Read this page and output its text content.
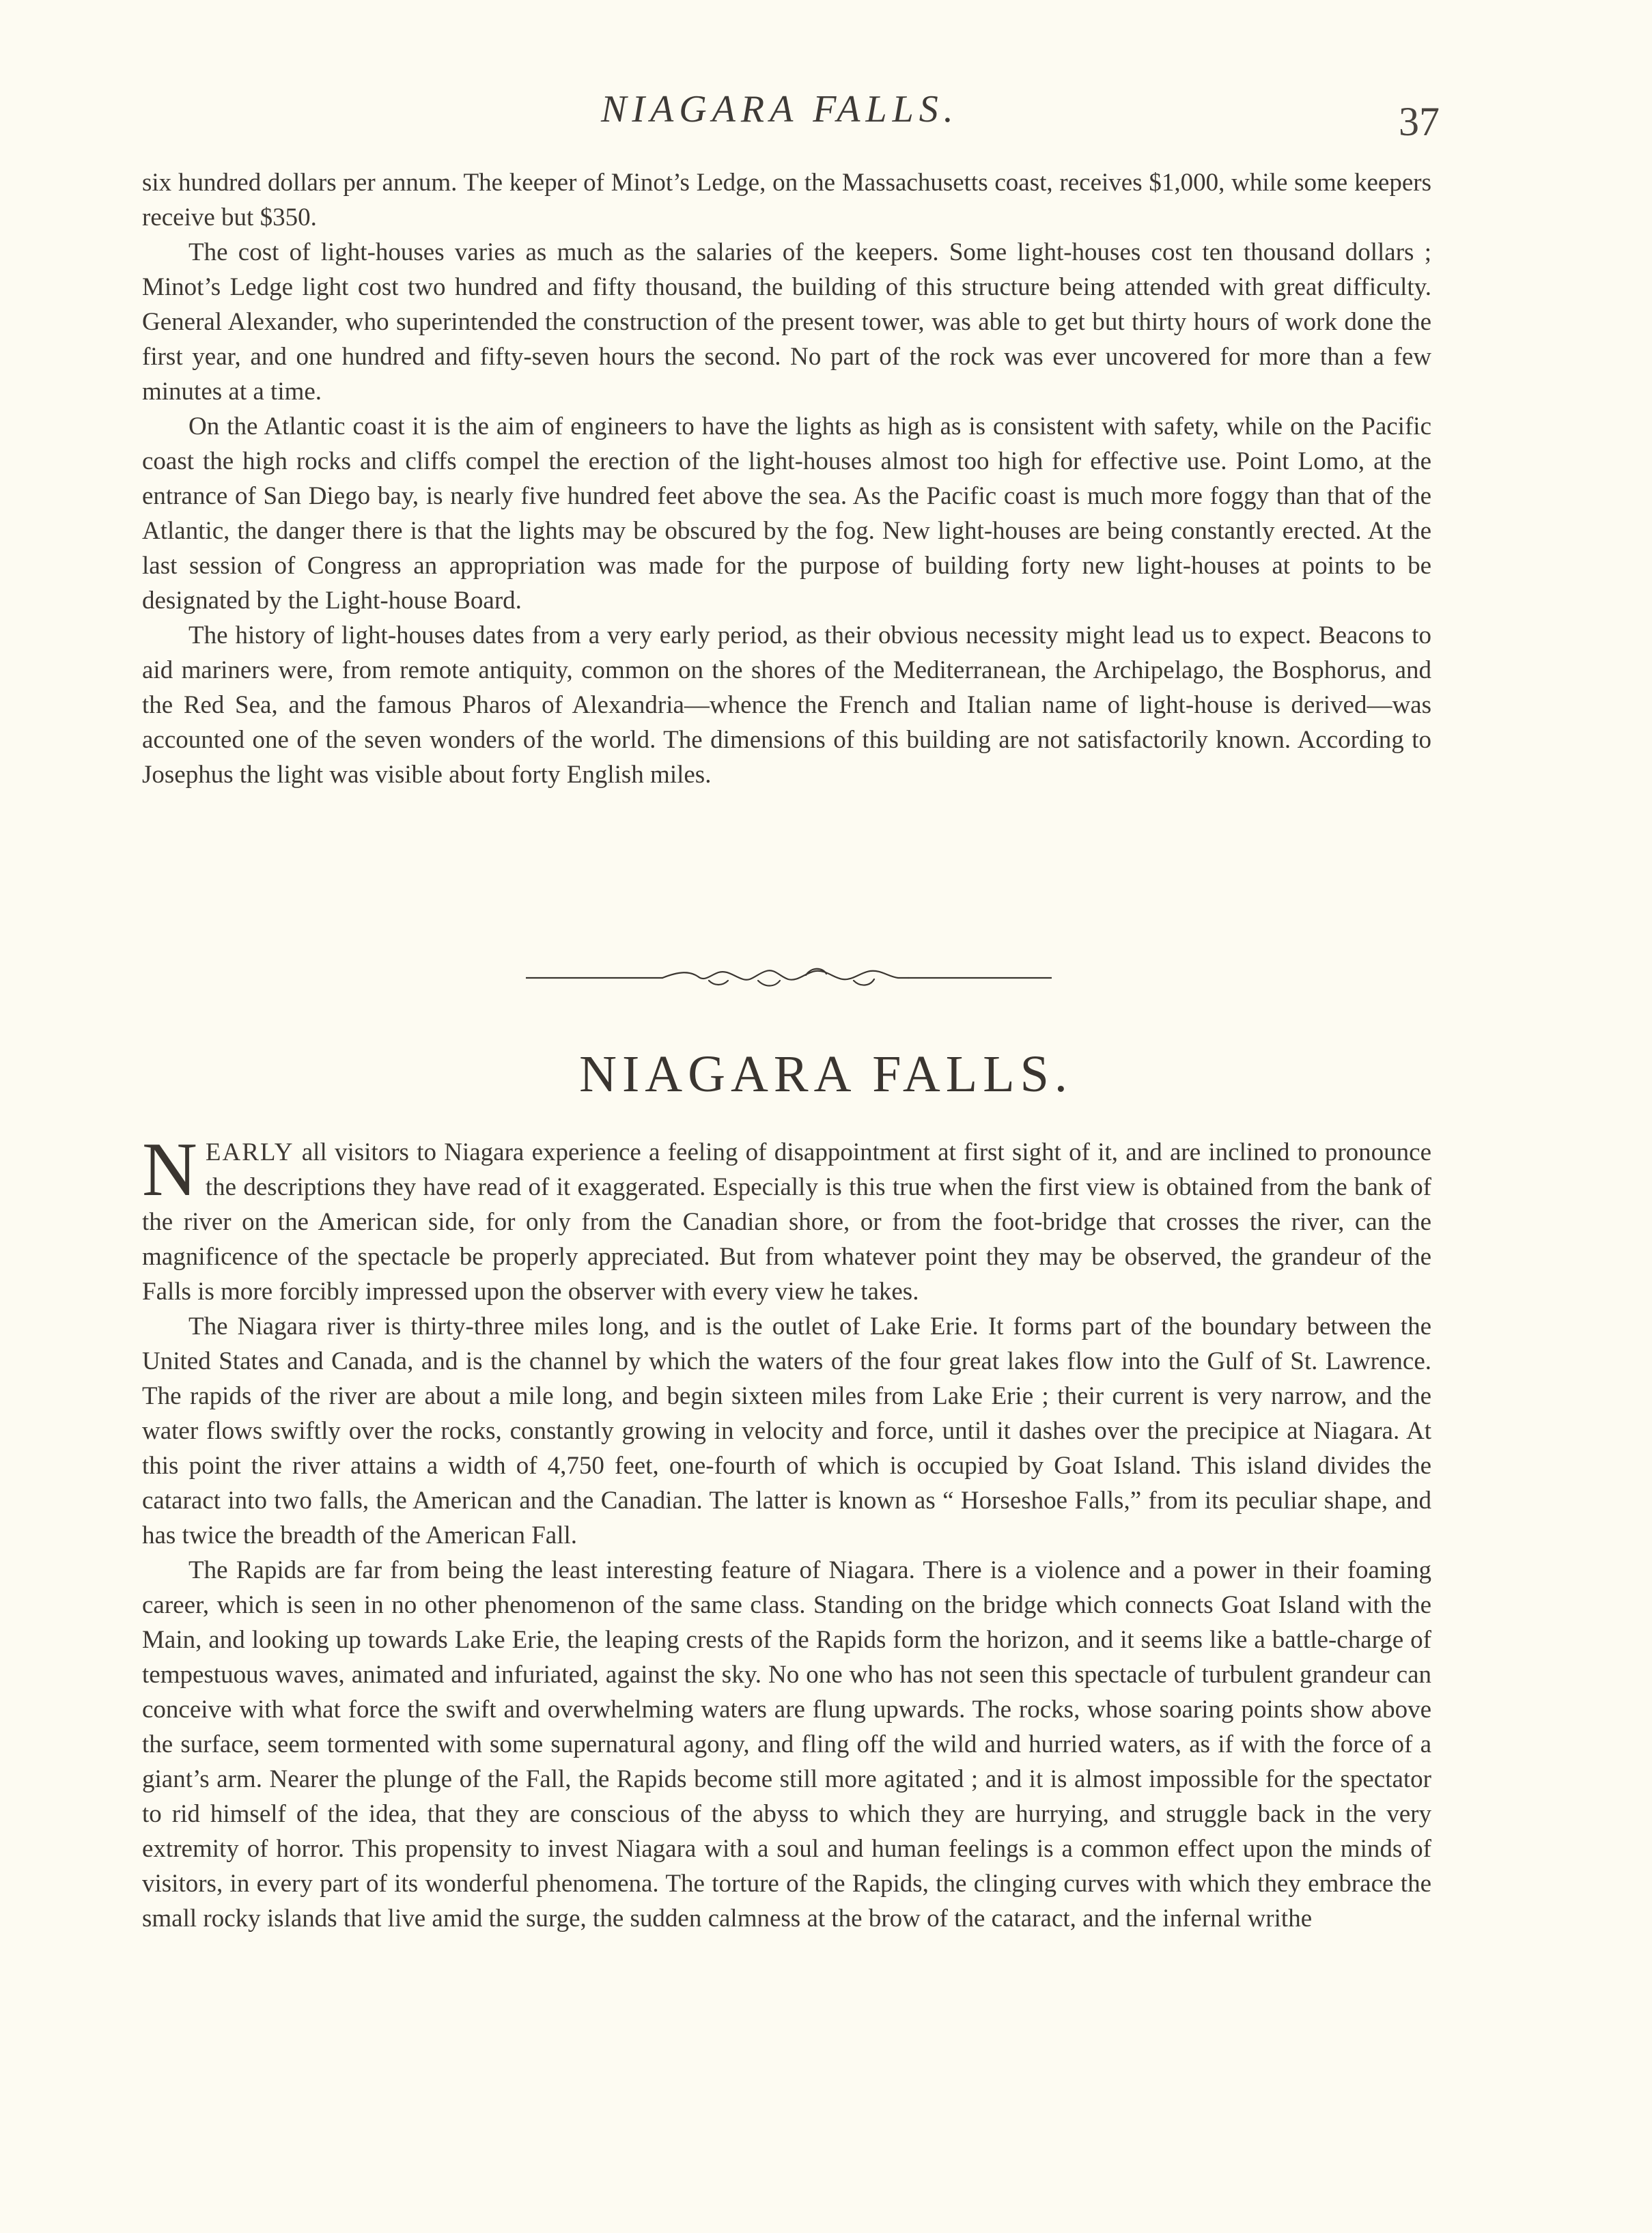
NIAGARA FALLS.	37

six hundred dollars per annum. The keeper of Minot’s Ledge, on the Massachusetts coast, receives $1,000, while some keepers receive but $350.

The cost of light-houses varies as much as the salaries of the keepers. Some light-houses cost ten thousand dollars ; Minot’s Ledge light cost two hundred and fifty thousand, the building of this structure being attended with great difficulty. General Alexander, who superintended the construction of the present tower, was able to get but thirty hours of work done the first year, and one hundred and fifty-seven hours the second. No part of the rock was ever uncovered for more than a few minutes at a time.

On the Atlantic coast it is the aim of engineers to have the lights as high as is consistent with safety, while on the Pacific coast the high rocks and cliffs compel the erection of the light-houses almost too high for effective use. Point Lomo, at the entrance of San Diego bay, is nearly five hundred feet above the sea. As the Pacific coast is much more foggy than that of the Atlantic, the danger there is that the lights may be obscured by the fog. New light-houses are being constantly erected. At the last session of Congress an appropriation was made for the purpose of building forty new light-houses at points to be designated by the Light-house Board.

The history of light-houses dates from a very early period, as their obvious necessity might lead us to expect. Beacons to aid mariners were, from remote antiquity, common on the shores of the Mediterranean, the Archipelago, the Bosphorus, and the Red Sea, and the famous Pharos of Alexandria—whence the French and Italian name of light-house is derived—was accounted one of the seven wonders of the world. The dimensions of this building are not satisfactorily known. According to Josephus the light was visible about forty English miles.

NIAGARA FALLS.

NEARLY all visitors to Niagara experience a feeling of disappointment at first sight of it, and are inclined to pronounce the descriptions they have read of it exaggerated. Especially is this true when the first view is obtained from the bank of the river on the American side, for only from the Canadian shore, or from the foot-bridge that crosses the river, can the magnificence of the spectacle be properly appreciated. But from whatever point they may be observed, the grandeur of the Falls is more forcibly impressed upon the observer with every view he takes.

The Niagara river is thirty-three miles long, and is the outlet of Lake Erie. It forms part of the boundary between the United States and Canada, and is the channel by which the waters of the four great lakes flow into the Gulf of St. Lawrence. The rapids of the river are about a mile long, and begin sixteen miles from Lake Erie ; their current is very narrow, and the water flows swiftly over the rocks, constantly growing in velocity and force, until it dashes over the precipice at Niagara. At this point the river attains a width of 4,750 feet, one-fourth of which is occupied by Goat Island. This island divides the cataract into two falls, the American and the Canadian. The latter is known as “ Horseshoe Falls,” from its peculiar shape, and has twice the breadth of the American Fall.

The Rapids are far from being the least interesting feature of Niagara. There is a violence and a power in their foaming career, which is seen in no other phenomenon of the same class. Standing on the bridge which connects Goat Island with the Main, and looking up towards Lake Erie, the leaping crests of the Rapids form the horizon, and it seems like a battle-charge of tempestuous waves, animated and infuriated, against the sky. No one who has not seen this spectacle of turbulent grandeur can conceive with what force the swift and overwhelming waters are flung upwards. The rocks, whose soaring points show above the surface, seem tormented with some supernatural agony, and fling off the wild and hurried waters, as if with the force of a giant’s arm. Nearer the plunge of the Fall, the Rapids become still more agitated ; and it is almost impossible for the spectator to rid himself of the idea, that they are conscious of the abyss to which they are hurrying, and struggle back in the very extremity of horror. This propensity to invest Niagara with a soul and human feelings is a common effect upon the minds of visitors, in every part of its wonderful phenomena. The torture of the Rapids, the clinging curves with which they embrace the small rocky islands that live amid the surge, the sudden calmness at the brow of the cataract, and the infernal writhe
